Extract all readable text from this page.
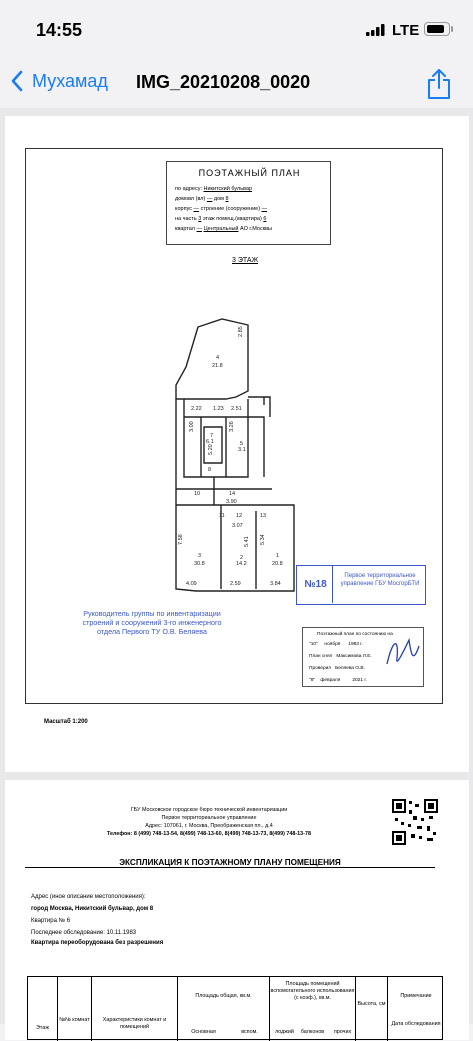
14:55	LTE
Мухамад IMG_20210208_0020
ПОЭТАЖНЫЙ ПЛАН
по адресу: Никитский бульвар
домовл (вл) — дом 8
корпус — строение (сооружение) —
на часть 3 этаж помещ.(квартира) 6
квартал — Центральный АО г.Москвы
3 ЭТАЖ
4
21.8
2.85
2.22 1.23 2.51
3.00	3.26
5
3.1
7
6.1
5.20
8
10	14
3.90
11 12	13
3.07
7.58
3
30.8
2
14.2
5.41 5.34
1
20.8
4.09	2.59	3.84
Руководитель группы по инвентаризации строений и сооружений 3-го инженерного отдела Первого ТУ О.В. Беляева
№18
Первое территориальное управление ГБУ МосгорБТИ
Поэтажный план по состоянию на
"10" ноября 1983 г.
План снял Максимова Л.Е.
Проверил Беляева О.В.
"8" февраля	2021 г.
Масштаб 1:200
ГБУ Московское городское бюро технической инвентаризации
Первое территориальное управление
Адрес: 107061, г. Москва, Преображенская пл., д.4
Телефон: 8 (499) 748-13-54, 8(499) 748-13-60, 8(499) 748-13-73, 8(499) 748-13-78
ЭКСПЛИКАЦИЯ К ПОЭТАЖНОМУ ПЛАНУ ПОМЕЩЕНИЯ
Адрес (иное описание местоположения):
город Москва, Никитский бульвар, дом 8
Квартира № 6
Последнее обследование: 10.11.1983
Квартира переоборудована без разрешения
Этаж
№№ комнат	Характеристики комнат и помещений
Площадь общая, кв.м.
Основная	вспом.
Площадь помещений вспомогательного использования (с коэф.), кв.м.
лоджий	балконов	прочих
Высота, см
Примечание
Дата обследования
